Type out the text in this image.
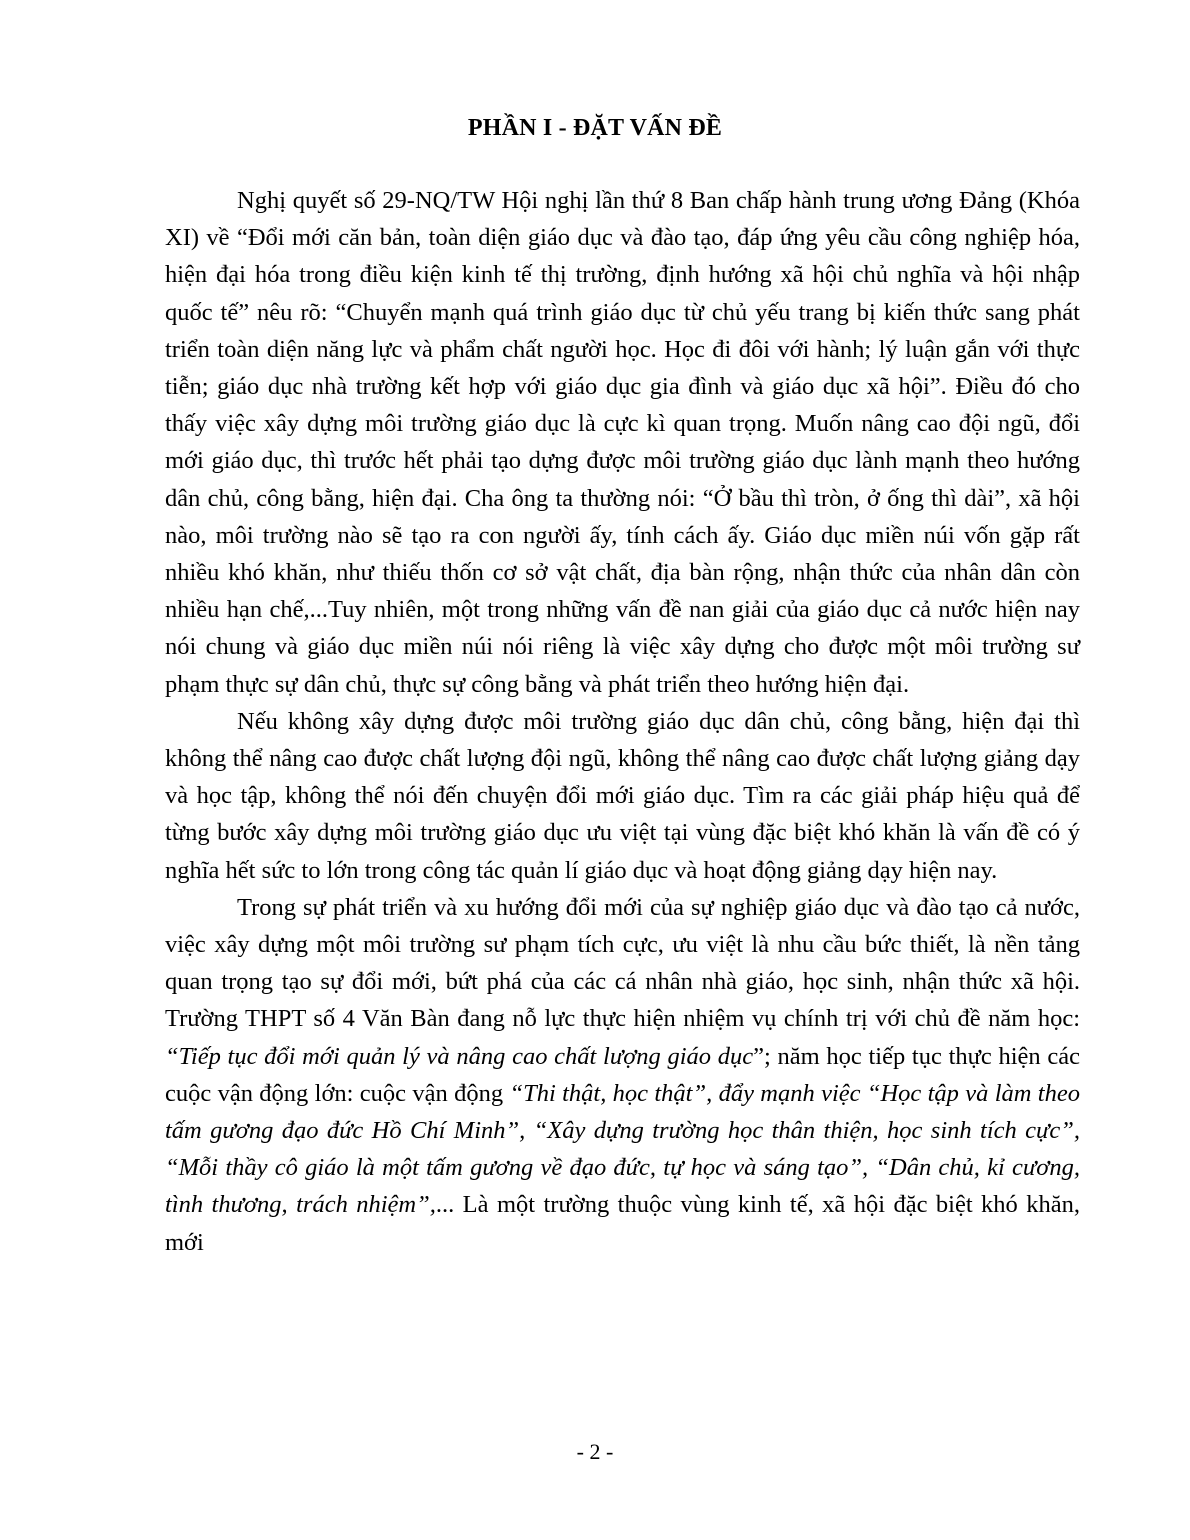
PHẦN I - ĐẶT VẤN ĐỀ

Nghị quyết số 29-NQ/TW Hội nghị lần thứ 8 Ban chấp hành trung ương Đảng (Khóa XI) về “Đổi mới căn bản, toàn diện giáo dục và đào tạo, đáp ứng yêu cầu công nghiệp hóa, hiện đại hóa trong điều kiện kinh tế thị trường, định hướng xã hội chủ nghĩa và hội nhập quốc tế” nêu rõ: “Chuyển mạnh quá trình giáo dục từ chủ yếu trang bị kiến thức sang phát triển toàn diện năng lực và phẩm chất người học. Học đi đôi với hành; lý luận gắn với thực tiễn; giáo dục nhà trường kết hợp với giáo dục gia đình và giáo dục xã hội”. Điều đó cho thấy việc xây dựng môi trường giáo dục là cực kì quan trọng. Muốn nâng cao đội ngũ, đổi mới giáo dục, thì trước hết phải tạo dựng được môi trường giáo dục lành mạnh theo hướng dân chủ, công bằng, hiện đại. Cha ông ta thường nói: “Ở bầu thì tròn, ở ống thì dài”, xã hội nào, môi trường nào sẽ tạo ra con người ấy, tính cách ấy. Giáo dục miền núi vốn gặp rất nhiều khó khăn, như thiếu thốn cơ sở vật chất, địa bàn rộng, nhận thức của nhân dân còn nhiều hạn chế,...Tuy nhiên, một trong những vấn đề nan giải của giáo dục cả nước hiện nay nói chung và giáo dục miền núi nói riêng là việc xây dựng cho được một môi trường sư phạm thực sự dân chủ, thực sự công bằng và phát triển theo hướng hiện đại.

Nếu không xây dựng được môi trường giáo dục dân chủ, công bằng, hiện đại thì không thể nâng cao được chất lượng đội ngũ, không thể nâng cao được chất lượng giảng dạy và học tập, không thể nói đến chuyện đổi mới giáo dục. Tìm ra các giải pháp hiệu quả để từng bước xây dựng môi trường giáo dục ưu việt tại vùng đặc biệt khó khăn là vấn đề có ý nghĩa hết sức to lớn trong công tác quản lí giáo dục và hoạt động giảng dạy hiện nay.

Trong sự phát triển và xu hướng đổi mới của sự nghiệp giáo dục và đào tạo cả nước, việc xây dựng một môi trường sư phạm tích cực, ưu việt là nhu cầu bức thiết, là nền tảng quan trọng tạo sự đổi mới, bứt phá của các cá nhân nhà giáo, học sinh, nhận thức xã hội. Trường THPT số 4 Văn Bàn đang nỗ lực thực hiện nhiệm vụ chính trị với chủ đề năm học: “Tiếp tục đổi mới quản lý và nâng cao chất lượng giáo dục”; năm học tiếp tục thực hiện các cuộc vận động lớn: cuộc vận động “Thi thật, học thật”, đẩy mạnh việc “Học tập và làm theo tấm gương đạo đức Hồ Chí Minh”, “Xây dựng trường học thân thiện, học sinh tích cực”, “Mỗi thầy cô giáo là một tấm gương về đạo đức, tự học và sáng tạo”, “Dân chủ, kỉ cương, tình thương, trách nhiệm”,... Là một trường thuộc vùng kinh tế, xã hội đặc biệt khó khăn, mới

- 2 -
